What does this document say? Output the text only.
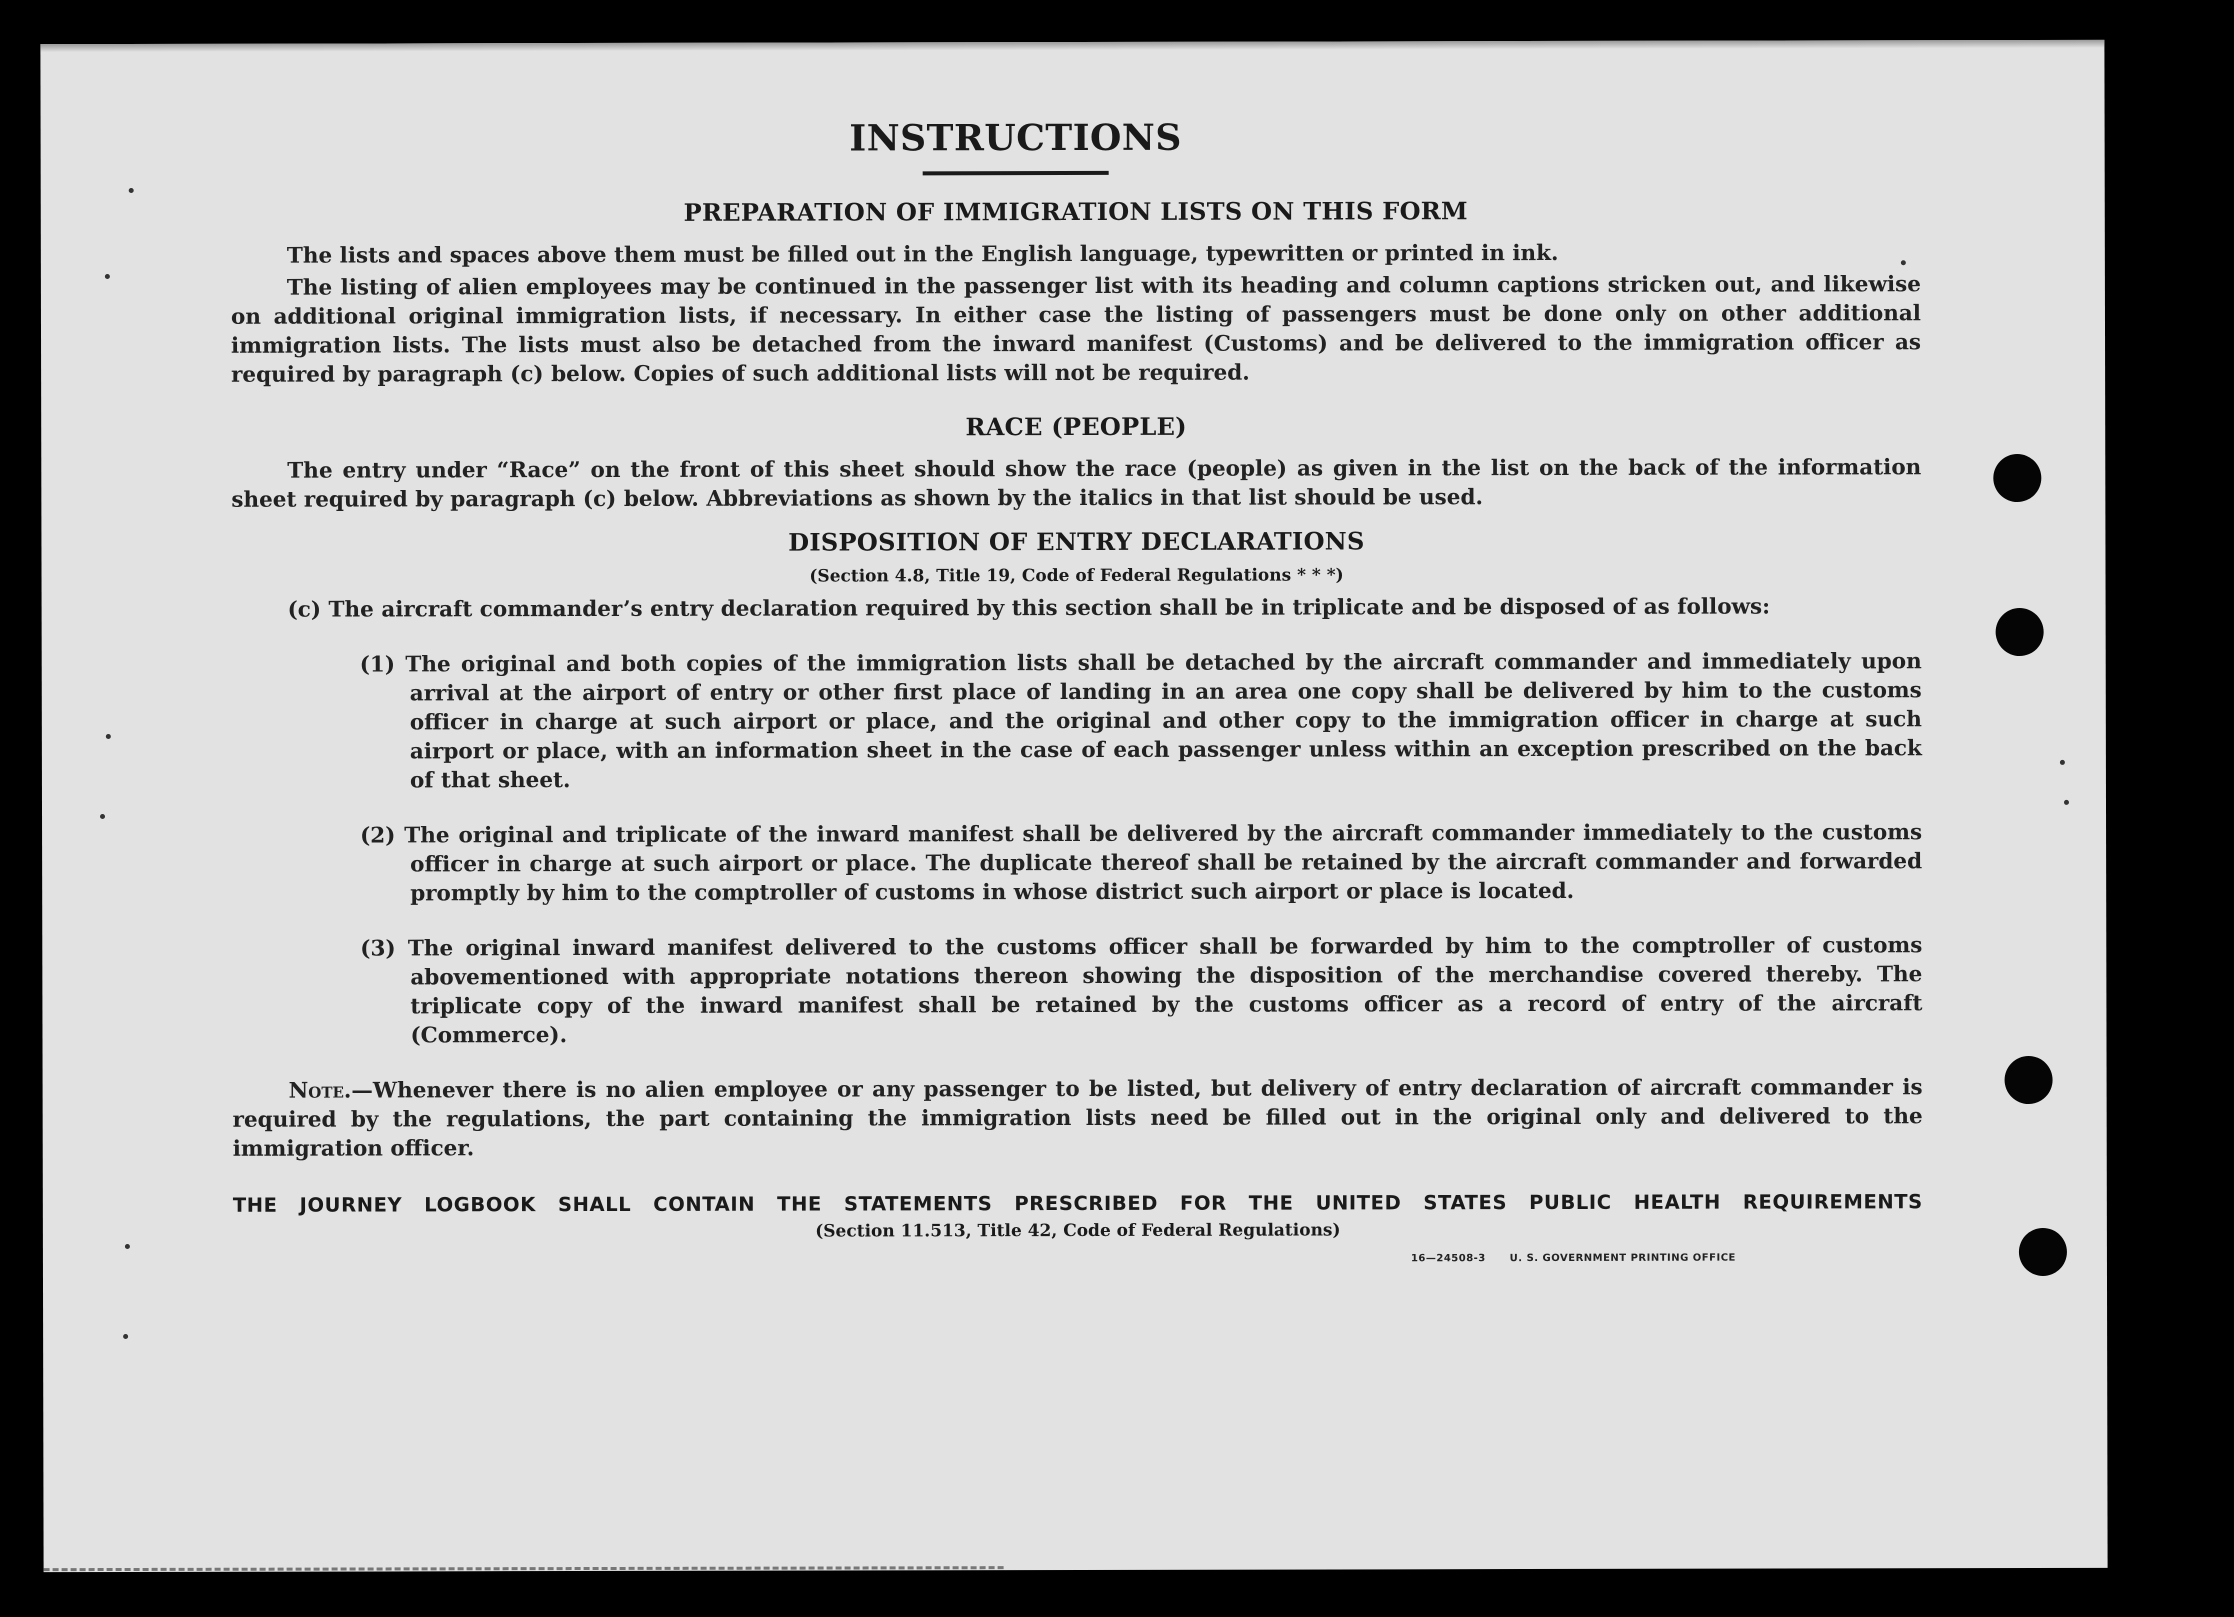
INSTRUCTIONS
PREPARATION OF IMMIGRATION LISTS ON THIS FORM

The lists and spaces above them must be filled out in the English language, typewritten or printed in ink.

The listing of alien employees may be continued in the passenger list with its heading and column captions stricken out, and likewise on additional original immigration lists, if necessary. In either case the listing of passengers must be done only on other additional immigration lists. The lists must also be detached from the inward manifest (Customs) and be delivered to the immigration officer as required by paragraph (c) below. Copies of such additional lists will not be required.

RACE (PEOPLE)

The entry under “Race” on the front of this sheet should show the race (people) as given in the list on the back of the information sheet required by paragraph (c) below. Abbreviations as shown by the italics in that list should be used.

DISPOSITION OF ENTRY DECLARATIONS
(Section 4.8, Title 19, Code of Federal Regulations * * *)
(c) The aircraft commander’s entry declaration required by this section shall be in triplicate and be disposed of as follows:
(1) The original and both copies of the immigration lists shall be detached by the aircraft commander and immediately upon arrival at the airport of entry or other first place of landing in an area one copy shall be delivered by him to the customs officer in charge at such airport or place, and the original and other copy to the immigration officer in charge at such airport or place, with an information sheet in the case of each passenger unless within an exception prescribed on the back of that sheet.
(2) The original and triplicate of the inward manifest shall be delivered by the aircraft commander immediately to the customs officer in charge at such airport or place. The duplicate thereof shall be retained by the aircraft commander and forwarded promptly by him to the comptroller of customs in whose district such airport or place is located.
(3) The original inward manifest delivered to the customs officer shall be forwarded by him to the comptroller of customs abovementioned with appropriate notations thereon showing the disposition of the merchandise covered thereby. The triplicate copy of the inward manifest shall be retained by the customs officer as a record of entry of the aircraft (Commerce).

Note.—Whenever there is no alien employee or any passenger to be listed, but delivery of entry declaration of aircraft commander is required by the regulations, the part containing the immigration lists need be filled out in the original only and delivered to the immigration officer.

THE JOURNEY LOGBOOK SHALL CONTAIN THE STATEMENTS PRESCRIBED FOR THE UNITED STATES PUBLIC HEALTH REQUIREMENTS
(Section 11.513, Title 42, Code of Federal Regulations)
16—24508-3 U. S. GOVERNMENT PRINTING OFFICE
